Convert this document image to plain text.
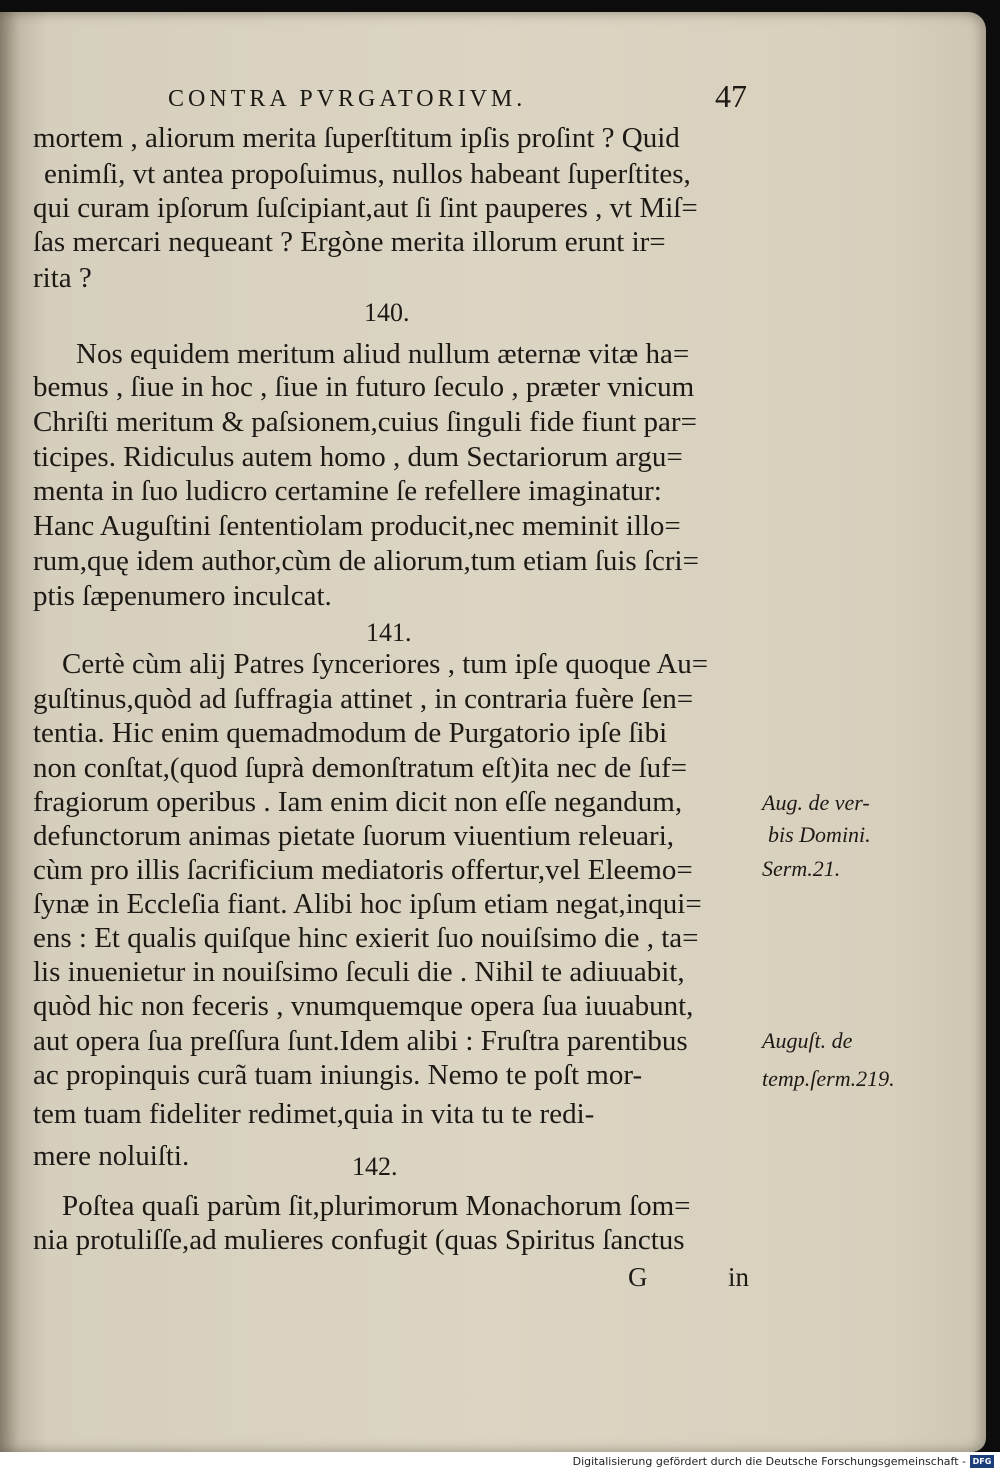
CONTRA PVRGATORIVM.	47
mortem , aliorum merita ſuperſtitum ipſis proſint ? Quid
enimſi, vt antea propoſuimus, nullos habeant ſuperſtites,
qui curam ipſorum ſuſcipiant,aut ſi ſint pauperes , vt Miſ=
ſas mercari nequeant ? Ergòne merita illorum erunt ir=
rita ?
140.
Nos equidem meritum aliud nullum æternæ vitæ ha=
bemus , ſiue in hoc , ſiue in futuro ſeculo , præter vnicum
Chriſti meritum & paſsionem,cuius ſinguli fide fiunt par=
ticipes. Ridiculus autem homo , dum Sectariorum argu=
menta in ſuo ludicro certamine ſe refellere imaginatur:
Hanc Auguſtini ſententiolam producit,nec meminit illo=
rum,quę idem author,cùm de aliorum,tum etiam ſuis ſcri=
ptis ſæpenumero inculcat.
141.
Certè cùm alij Patres ſynceriores , tum ipſe quoque Au=
guſtinus,quòd ad ſuffragia attinet , in contraria fuère ſen=
tentia. Hic enim quemadmodum de Purgatorio ipſe ſibi
non conſtat,(quod ſuprà demonſtratum eſt)ita nec de ſuf=
fragiorum operibus . Iam enim dicit non eſſe negandum,
defunctorum animas pietate ſuorum viuentium releuari,
cùm pro illis ſacrificium mediatoris offertur,vel Eleemo=
ſynæ in Eccleſia fiant. Alibi hoc ipſum etiam negat,inqui=
ens : Et qualis quiſque hinc exierit ſuo nouiſsimo die , ta=
lis inuenietur in nouiſsimo ſeculi die . Nihil te adiuuabit,
quòd hic non feceris , vnumquemque opera ſua iuuabunt,
aut opera ſua preſſura ſunt.Idem alibi : Fruſtra parentibus
ac propinquis curã tuam iniungis. Nemo te poſt mor-
tem tuam fideliter redimet,quia in vita tu te redi-
mere noluiſti.	142.
Poſtea quaſi parùm ſit,plurimorum Monachorum ſom=
nia protuliſſe,ad mulieres confugit (quas Spiritus ſanctus
G	in
Aug. de ver-
bis Domini.
Serm.21.
Auguſt. de
temp.ſerm.219.
Digitalisierung gefördert durch die Deutsche Forschungsgemeinschaft - DFG
